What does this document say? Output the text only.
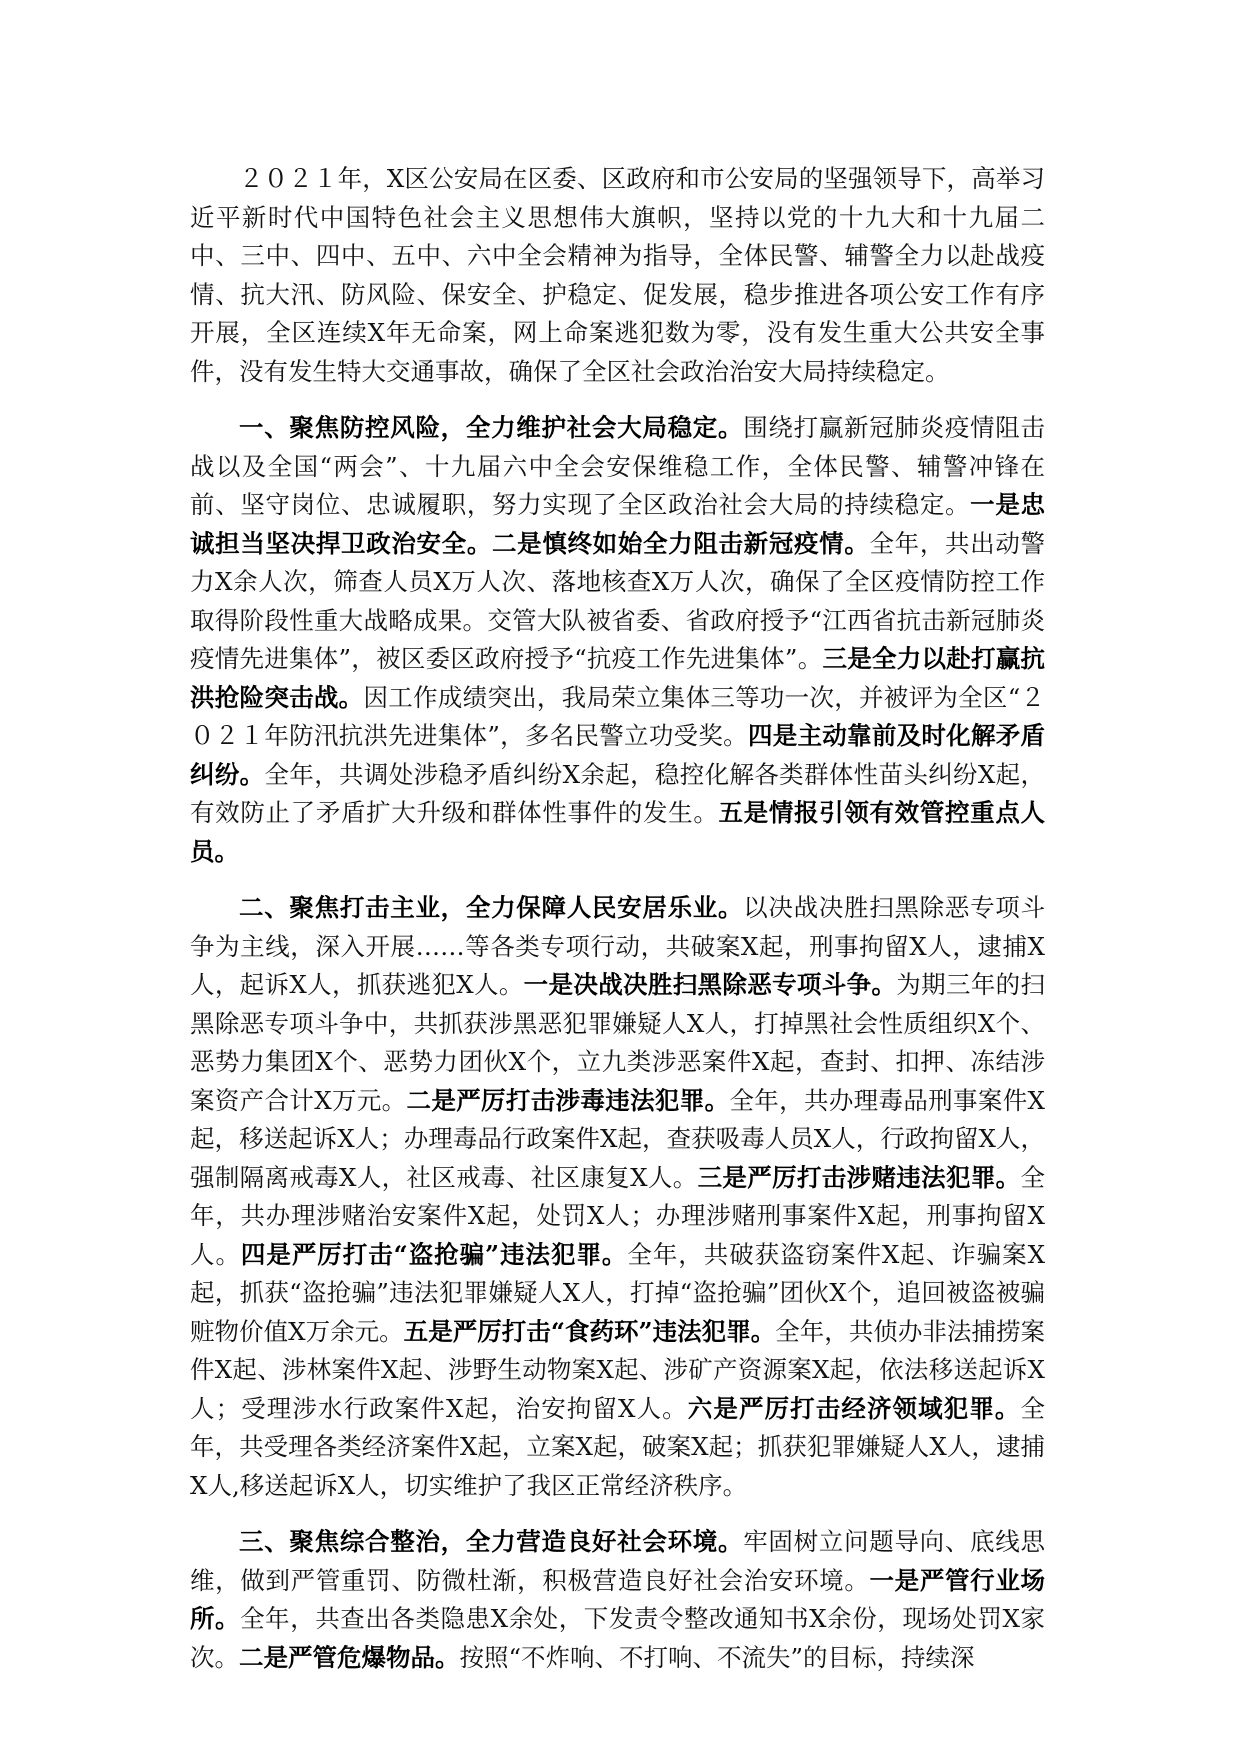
２０２１年，X区公安局在区委、区政府和市公安局的坚强领导下，高举习近平新时代中国特色社会主义思想伟大旗帜，坚持以党的十九大和十九届二中、三中、四中、五中、六中全会精神为指导，全体民警、辅警全力以赴战疫情、抗大汛、防风险、保安全、护稳定、促发展，稳步推进各项公安工作有序开展，全区连续X年无命案，网上命案逃犯数为零，没有发生重大公共安全事件，没有发生特大交通事故，确保了全区社会政治治安大局持续稳定。

一、聚焦防控风险，全力维护社会大局稳定。围绕打赢新冠肺炎疫情阻击战以及全国“两会”、十九届六中全会安保维稳工作，全体民警、辅警冲锋在前、坚守岗位、忠诚履职，努力实现了全区政治社会大局的持续稳定。一是忠诚担当坚决捍卫政治安全。二是慎终如始全力阻击新冠疫情。全年，共出动警力X余人次，筛查人员X万人次、落地核查X万人次，确保了全区疫情防控工作取得阶段性重大战略成果。交管大队被省委、省政府授予“江西省抗击新冠肺炎疫情先进集体”，被区委区政府授予“抗疫工作先进集体”。三是全力以赴打赢抗洪抢险突击战。因工作成绩突出，我局荣立集体三等功一次，并被评为全区“２０２１年防汛抗洪先进集体”，多名民警立功受奖。四是主动靠前及时化解矛盾纠纷。全年，共调处涉稳矛盾纠纷X余起，稳控化解各类群体性苗头纠纷X起，有效防止了矛盾扩大升级和群体性事件的发生。五是情报引领有效管控重点人员。

二、聚焦打击主业，全力保障人民安居乐业。以决战决胜扫黑除恶专项斗争为主线，深入开展……等各类专项行动，共破案X起，刑事拘留X人，逮捕X人，起诉X人，抓获逃犯X人。一是决战决胜扫黑除恶专项斗争。为期三年的扫黑除恶专项斗争中，共抓获涉黑恶犯罪嫌疑人X人，打掉黑社会性质组织X个、恶势力集团X个、恶势力团伙X个，立九类涉恶案件X起，查封、扣押、冻结涉案资产合计X万元。二是严厉打击涉毒违法犯罪。全年，共办理毒品刑事案件X起，移送起诉X人；办理毒品行政案件X起，查获吸毒人员X人，行政拘留X人，强制隔离戒毒X人，社区戒毒、社区康复X人。三是严厉打击涉赌违法犯罪。全年，共办理涉赌治安案件X起，处罚X人；办理涉赌刑事案件X起，刑事拘留X人。四是严厉打击“盗抢骗”违法犯罪。全年，共破获盗窃案件X起、诈骗案X起，抓获“盗抢骗”违法犯罪嫌疑人X人，打掉“盗抢骗”团伙X个，追回被盗被骗赃物价值X万余元。五是严厉打击“食药环”违法犯罪。全年，共侦办非法捕捞案件X起、涉林案件X起、涉野生动物案X起、涉矿产资源案X起，依法移送起诉X人；受理涉水行政案件X起，治安拘留X人。六是严厉打击经济领域犯罪。全年，共受理各类经济案件X起，立案X起，破案X起；抓获犯罪嫌疑人X人，逮捕X人,移送起诉X人，切实维护了我区正常经济秩序。

三、聚焦综合整治，全力营造良好社会环境。牢固树立问题导向、底线思维，做到严管重罚、防微杜渐，积极营造良好社会治安环境。一是严管行业场所。全年，共查出各类隐患X余处，下发责令整改通知书X余份，现场处罚X家次。二是严管危爆物品。按照“不炸响、不打响、不流失”的目标，持续深
